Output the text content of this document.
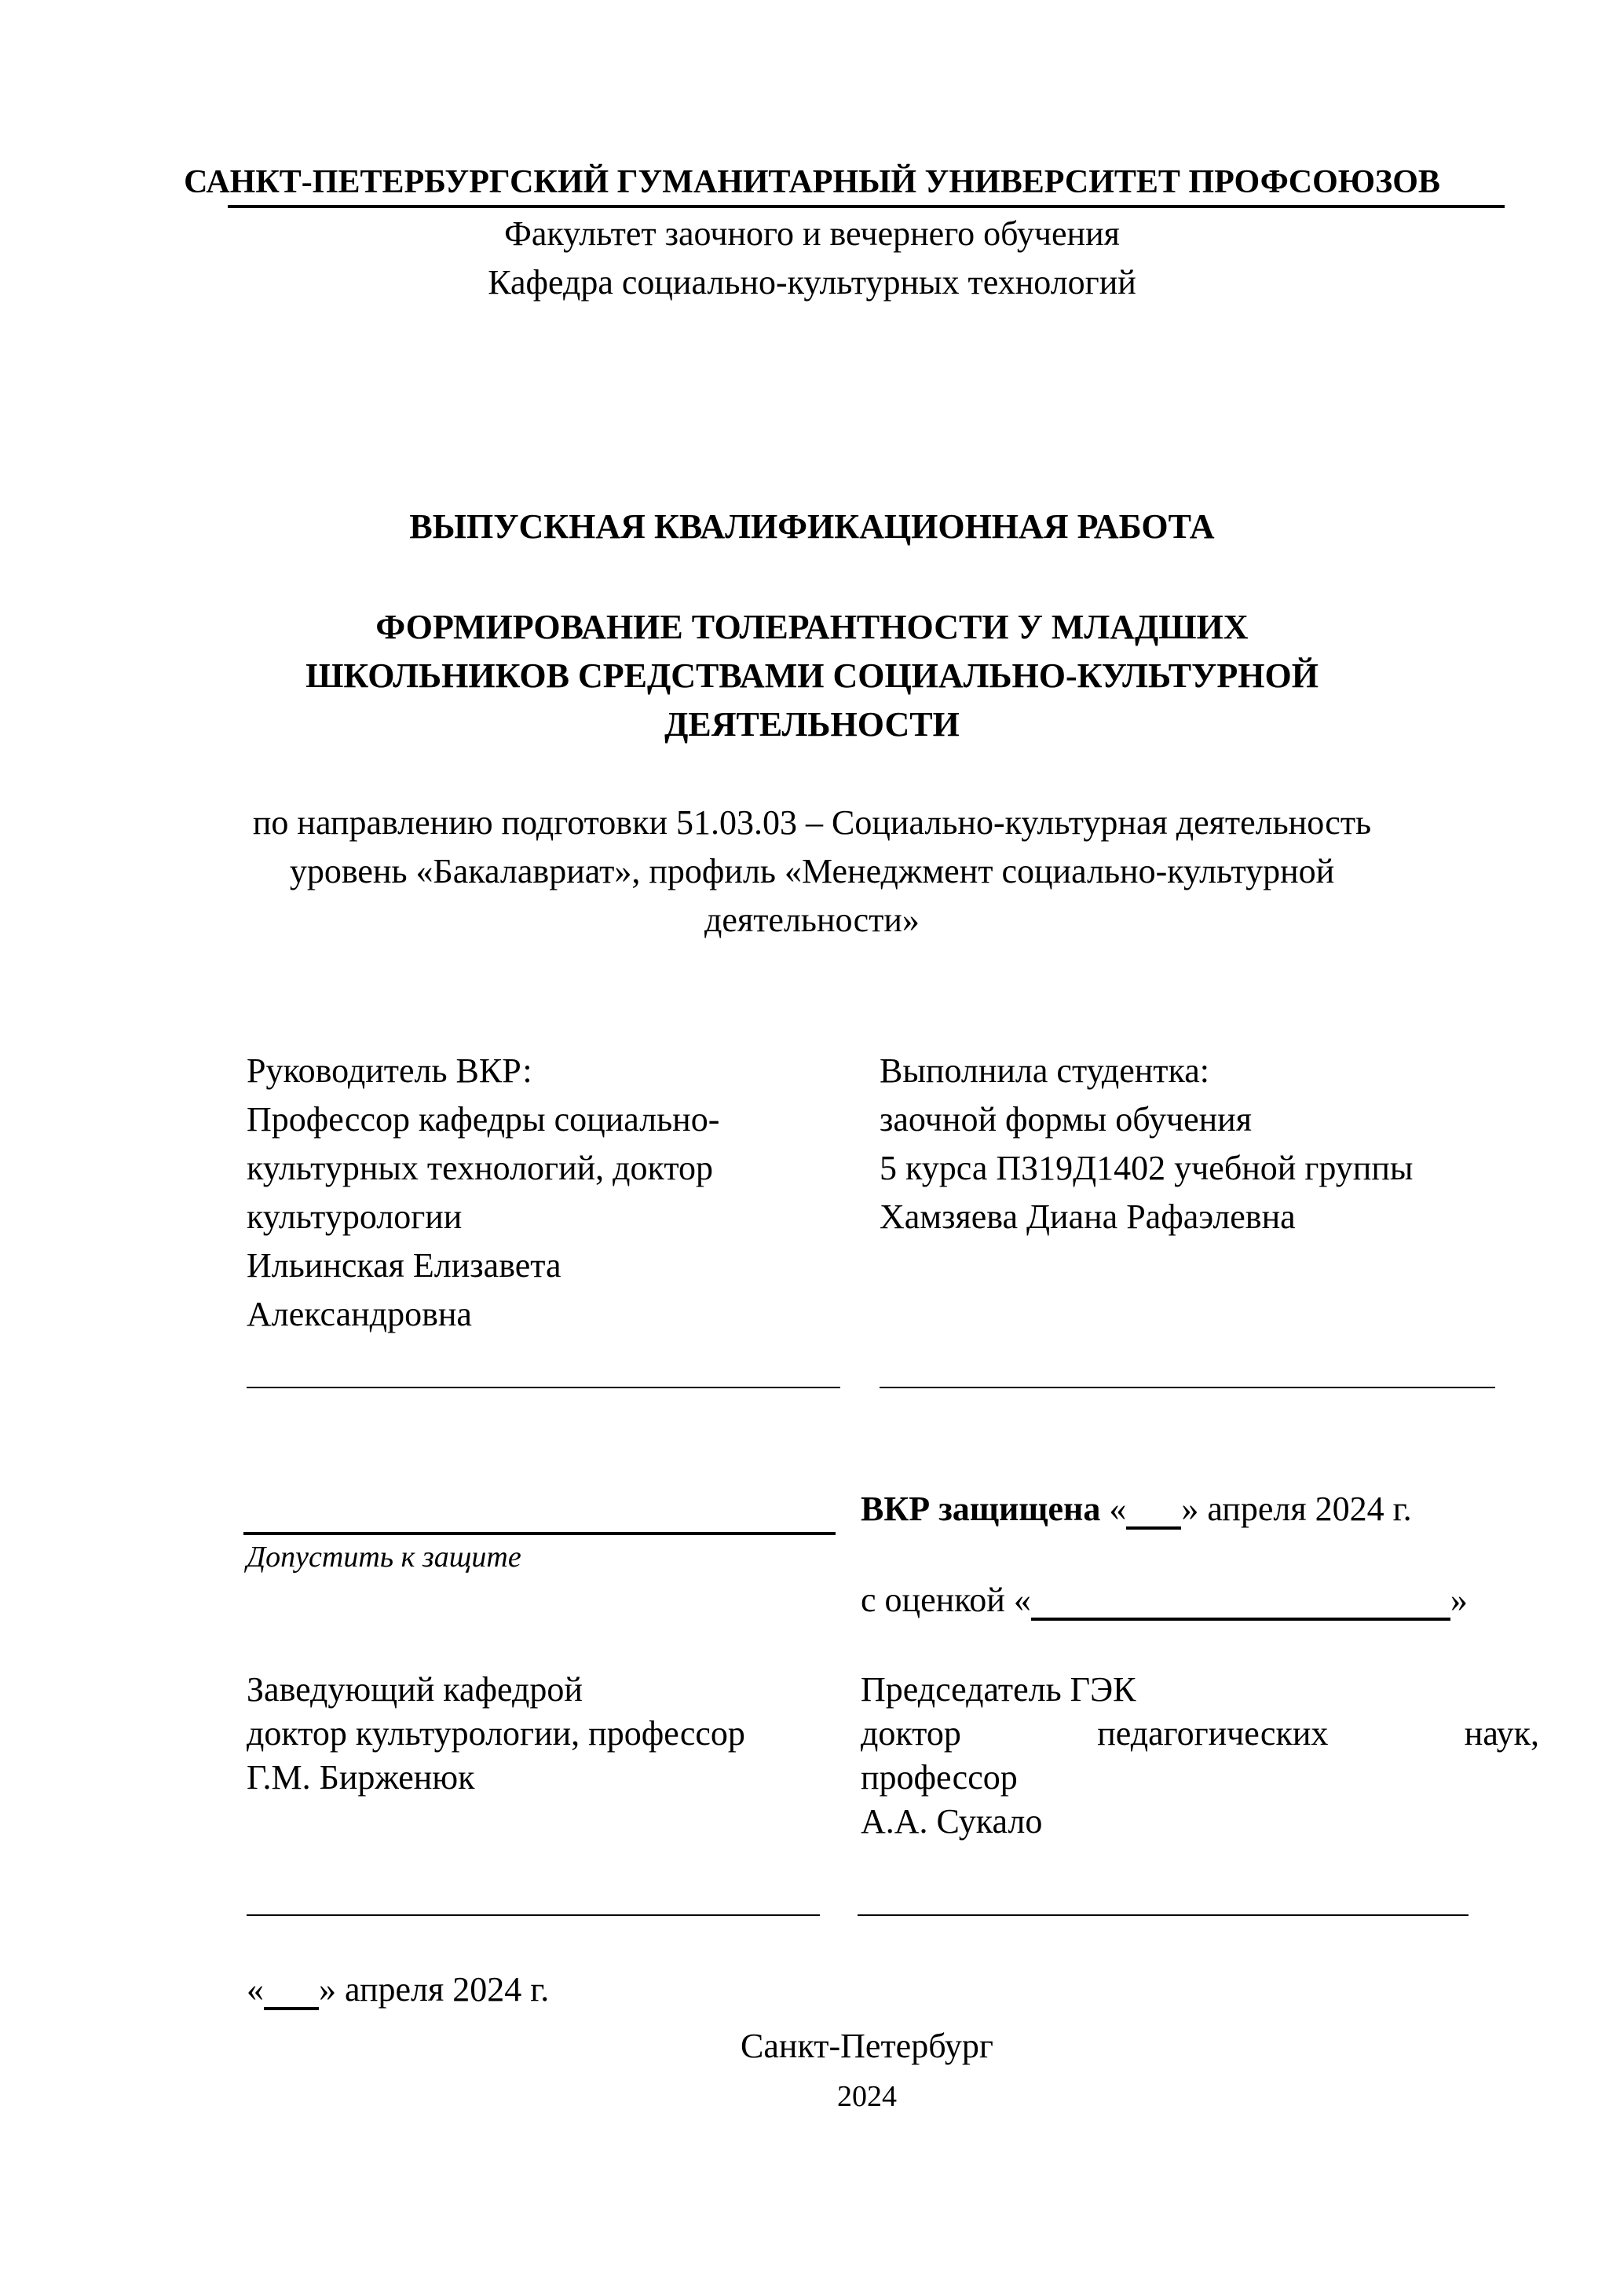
САНКТ-ПЕТЕРБУРГСКИЙ ГУМАНИТАРНЫЙ УНИВЕРСИТЕТ ПРОФСОЮЗОВ

Факультет заочного и вечернего обучения

Кафедра социально-культурных технологий

ВЫПУСКНАЯ КВАЛИФИКАЦИОННАЯ РАБОТА

ФОРМИРОВАНИЕ ТОЛЕРАНТНОСТИ У МЛАДШИХ

ШКОЛЬНИКОВ СРЕДСТВАМИ СОЦИАЛЬНО-КУЛЬТУРНОЙ

ДЕЯТЕЛЬНОСТИ

по направлению подготовки 51.03.03 – Социально-культурная деятельность

уровень «Бакалавриат», профиль «Менеджмент социально-культурной

деятельности»

Руководитель ВКР:

Профессор кафедры социально-

культурных технологий, доктор

культурологии

Ильинская Елизавета

Александровна

Выполнила студентка:

заочной формы обучения

5 курса ПЗ19Д1402 учебной группы

Хамзяева Диана Рафаэлевна

Допустить к защите

ВКР защищена « » апреля 2024 г.

с оценкой «	»

Заведующий кафедрой

доктор культурологии, профессор

Г.М. Бирженюк

Председатель ГЭК

доктор	педагогических	наук,

профессор

А.А. Сукало

« » апреля 2024 г.

Санкт-Петербург

2024
